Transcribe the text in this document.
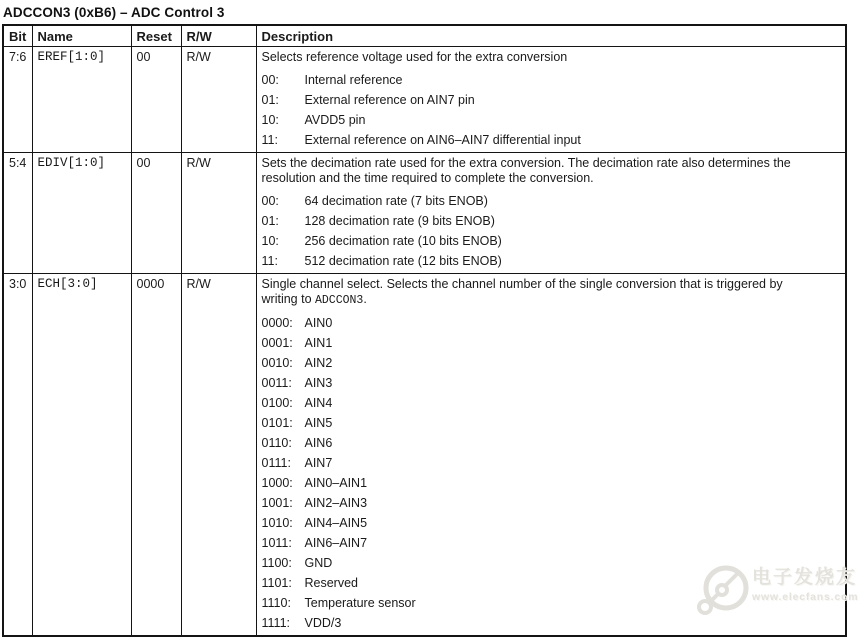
ADCCON3 (0xB6) – ADC Control 3
Bit	Name	Reset	R/W	Description
7:6	EREF[1:0]	00	R/W	Selects reference voltage used for the extra conversion
00:	Internal reference
01:	External reference on AIN7 pin
10:	AVDD5 pin
11:	External reference on AIN6–AIN7 differential input

5:4	EDIV[1:0]	00	R/W	Sets the decimation rate used for the extra conversion. The decimation rate also determines the
resolution and the time required to complete the conversion.
00:	64 decimation rate (7 bits ENOB)
01:	128 decimation rate (9 bits ENOB)
10:	256 decimation rate (10 bits ENOB)
11:	512 decimation rate (12 bits ENOB)

3:0	ECH[3:0]	0000	R/W	Single channel select. Selects the channel number of the single conversion that is triggered by
writing to ADCCON3.
0000: AIN0
0001: AIN1
0010: AIN2
0011:	AIN3
0100: AIN4
0101: AIN5
0110:	AIN6
0111:	AIN7
1000: AIN0–AIN1
1001: AIN2–AIN3
1010: AIN4–AIN5
1011:	AIN6–AIN7
1100:	GND
1101:	Reserved
1110:	Temperature sensor
1111:	VDD/3
电子发烧友
www.elecfans.com
